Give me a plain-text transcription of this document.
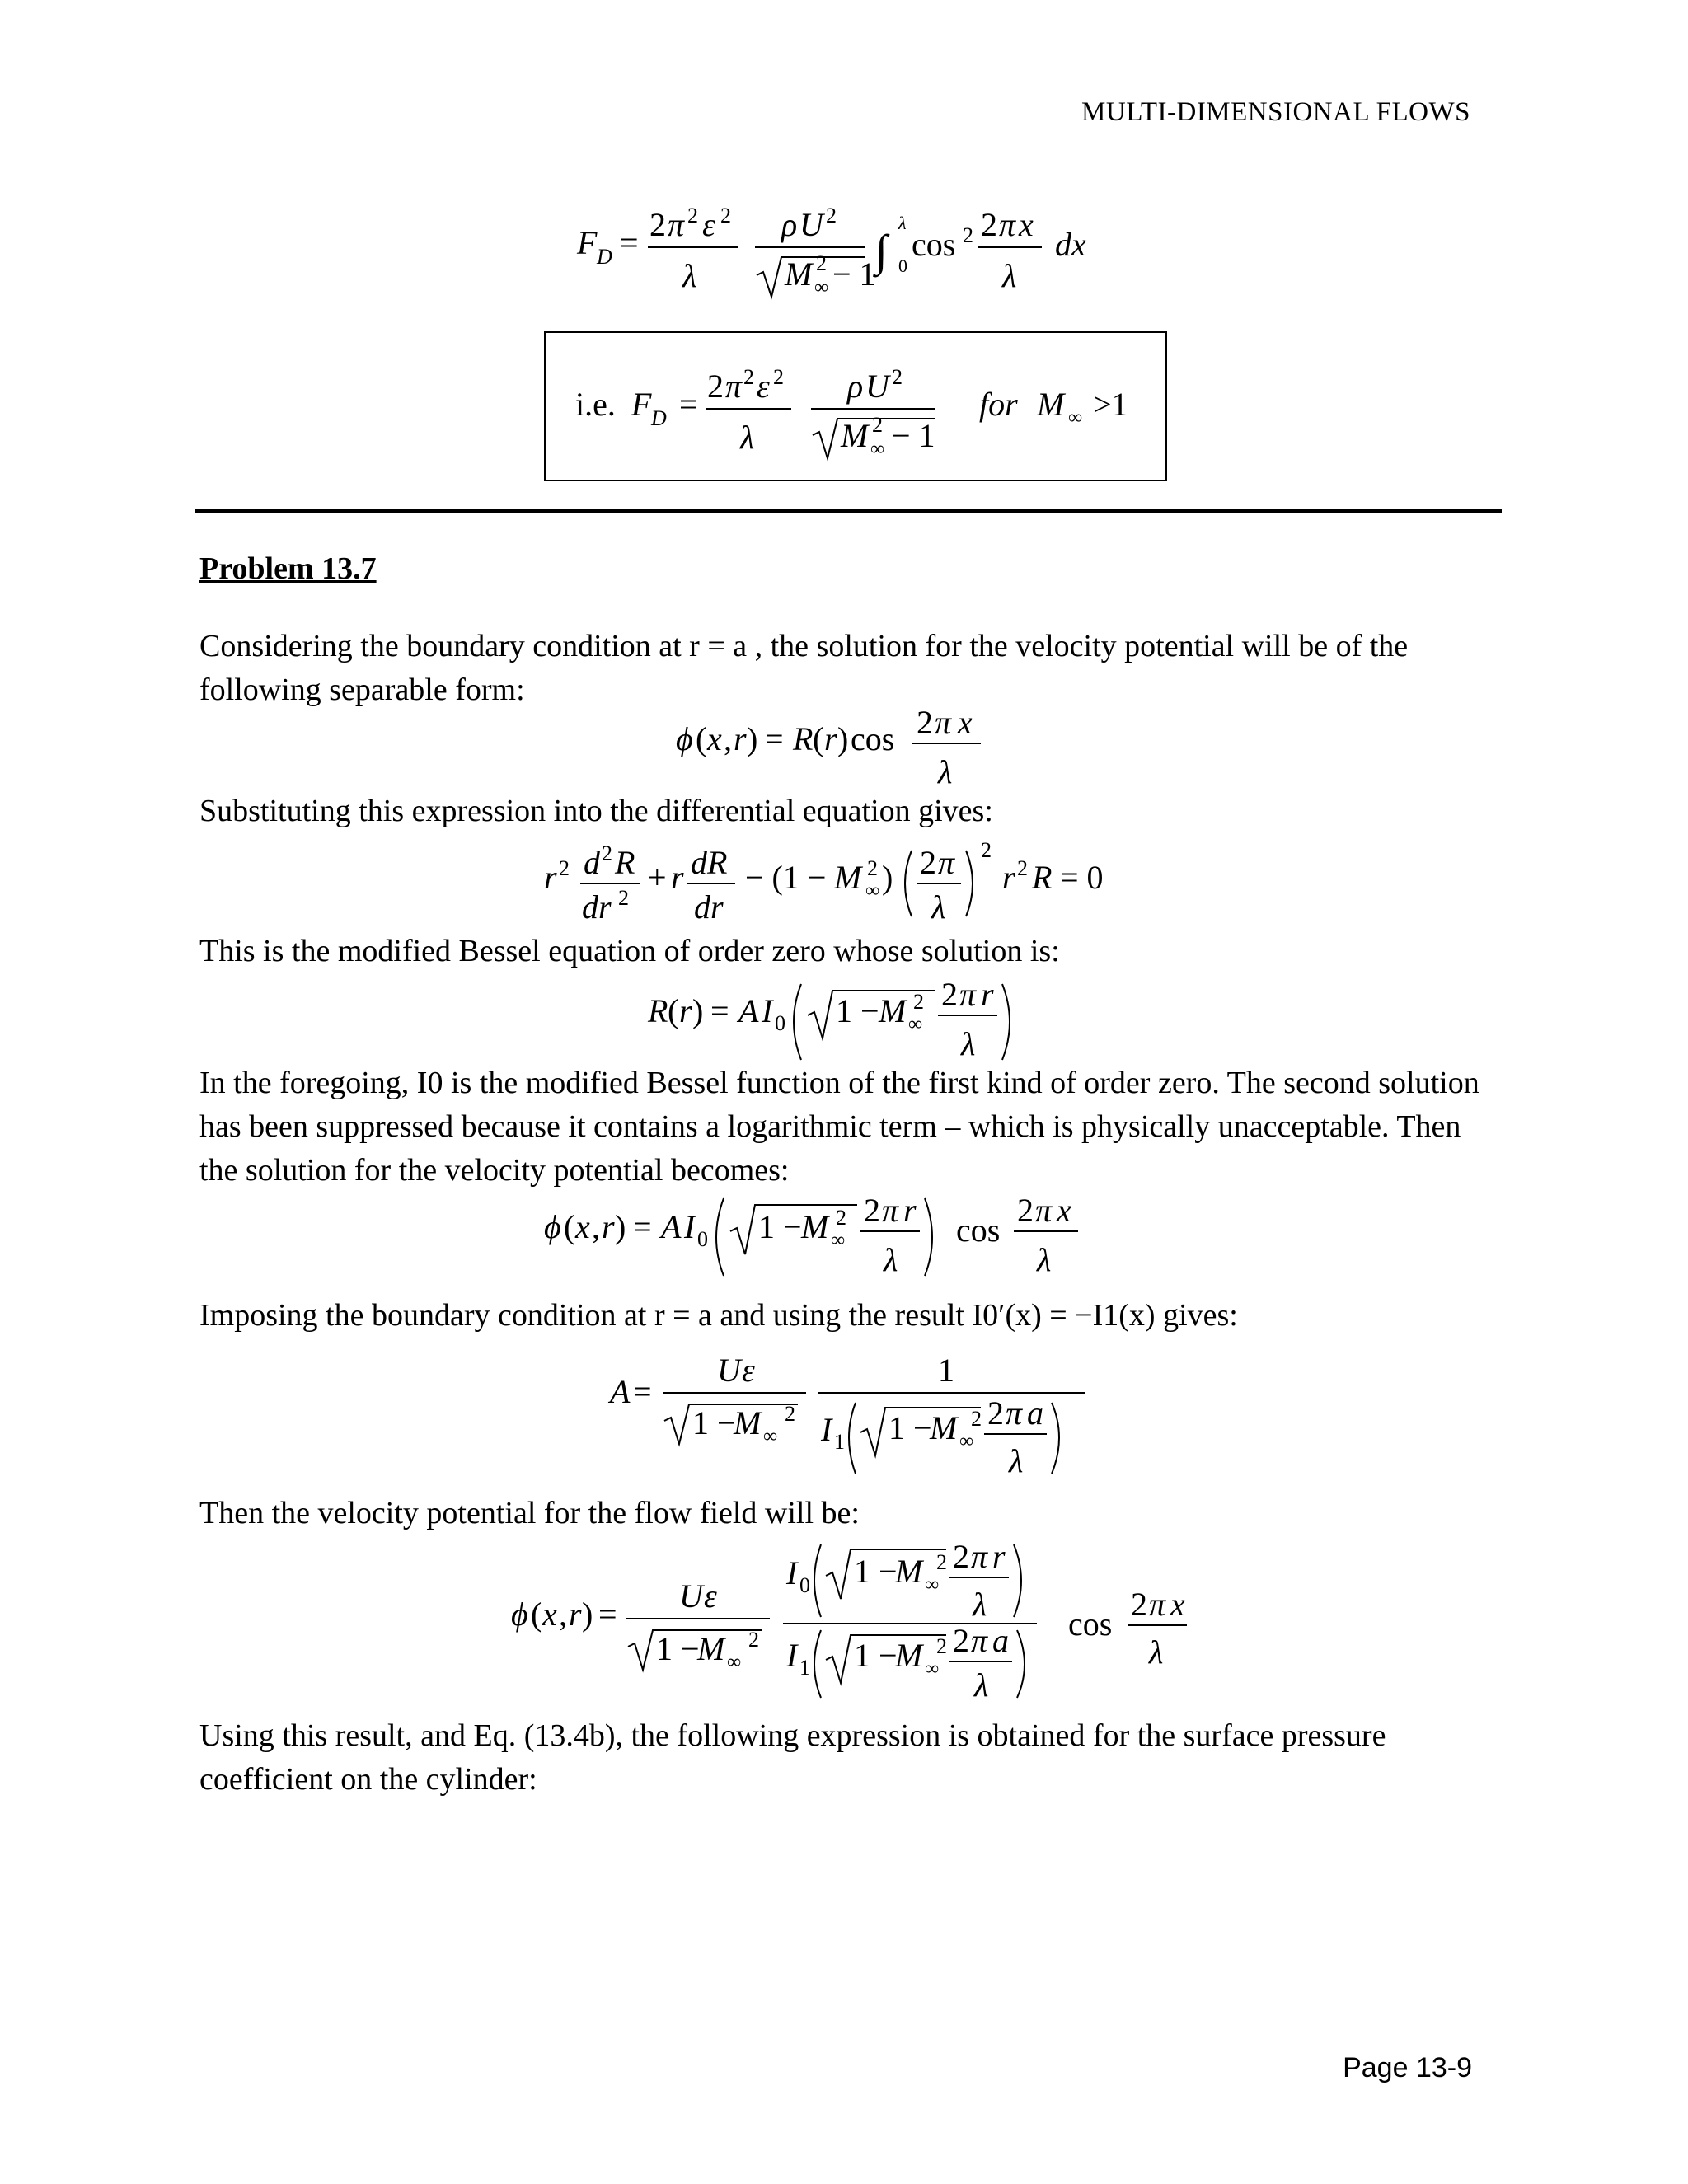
MULTI-DIMENSIONAL FLOWS
F D = 2 π 2 ε 2
λ
ρ U 2
M ∞
2 − 1 ∫
λ
0
cos 2 2 π x
λ
dx
i.e. F D = 2 π 2 ε 2
λ
ρ U 2
M ∞
2 − 1
for M ∞ >1
Problem 13.7
Considering the boundary condition at r = a , the solution for the velocity potential will be of the following separable form:
ϕ ( x , r ) = R ( r ) cos 2 π x
λ
Substituting this expression into the differential equation gives:
r 2 d 2 R
dr 2
+ r dR
dr
− (1 − M ∞
2 ) 2 π
λ
2
r 2 R = 0
This is the modified Bessel equation of order zero whose solution is:
R ( r ) = A I 0 1 − M ∞
2 2 π r
λ
In the foregoing, I0 is the modified Bessel function of the first kind of order zero. The second solution has been suppressed because it contains a logarithmic term – which is physically unacceptable. Then the solution for the velocity potential becomes:
ϕ ( x , r ) = A I 0 1 − M ∞
2 2 π r
λ
cos
2 π x
λ
Imposing the boundary condition at r = a and using the result I0′(x) = −I1(x) gives:
A =
U ε
1 −
M ∞
2
1
I 1 1 −
M ∞
2 2 π a
λ
Then the velocity potential for the flow field will be:
ϕ ( x , r ) = U ε
1 −
M ∞
2
I 0 1 −
M ∞
2 2 π r
λ
I 1 1 −
M ∞
2 2 π a
λ
cos
2 π x
λ
Using this result, and Eq. (13.4b), the following expression is obtained for the surface pressure coefficient on the cylinder:
Page 13-9
